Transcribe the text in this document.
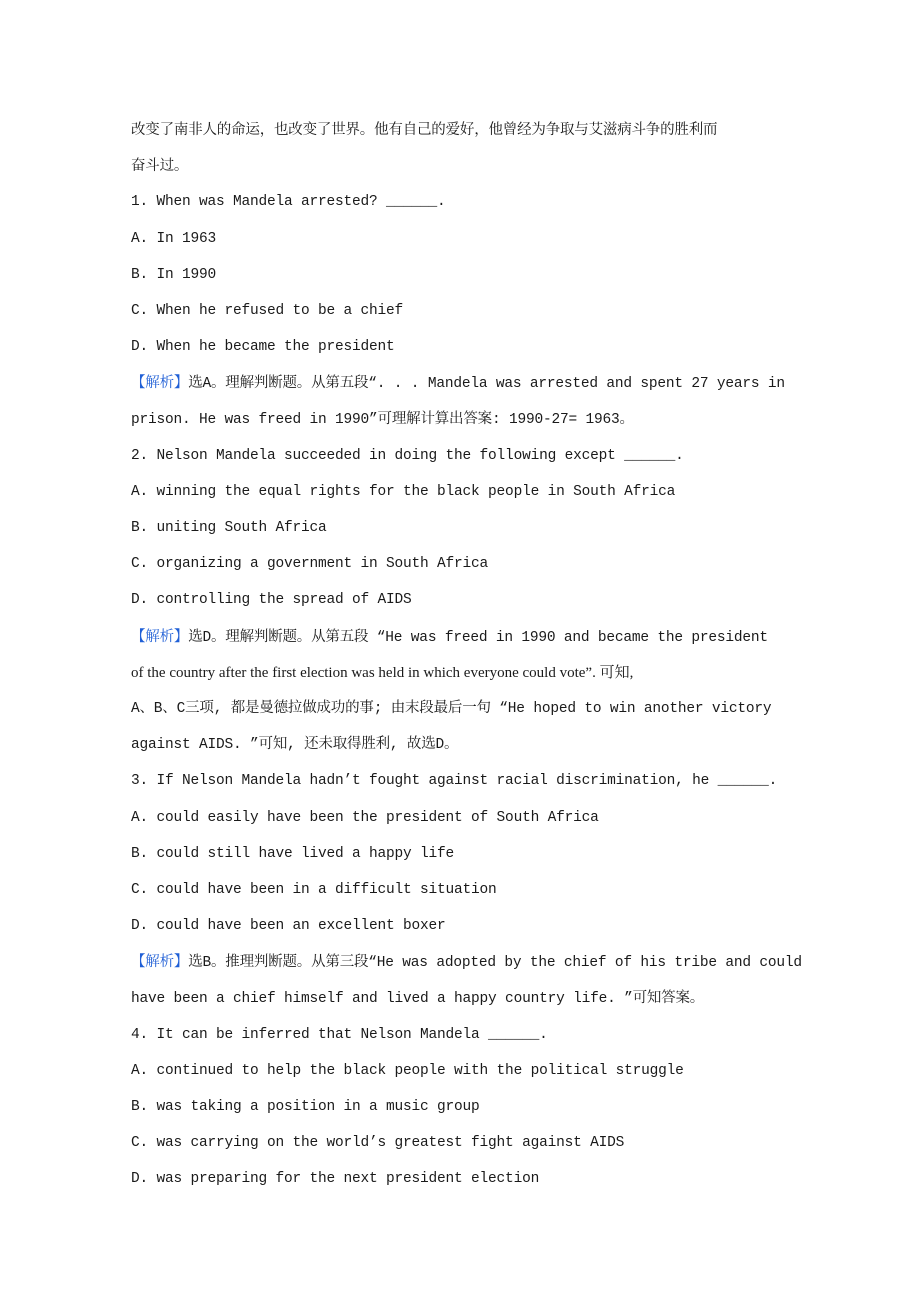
改变了南非人的命运，也改变了世界。他有自己的爱好，他曾经为争取与艾滋病斗争的胜利而
奋斗过。
1. When was Mandela arrested? ______.
A. In 1963
B. In 1990
C. When he refused to be a chief
D. When he became the president
【解析】选A。理解判断题。从第五段“. . . Mandela was arrested and spent 27 years in
prison. He was freed in 1990”可理解计算出答案: 1990-27= 1963。
2. Nelson Mandela succeeded in doing the following except ______.
A. winning the equal rights for the black people in South Africa
B. uniting South Africa
C. organizing a government in South Africa
D. controlling the spread of AIDS
【解析】选D。理解判断题。从第五段 “He was freed in 1990 and became the president
of the country after the first election was held in which everyone could vote”. 可知,
A、B、C三项, 都是曼德拉做成功的事; 由末段最后一句 “He hoped to win another victory
against AIDS. ”可知, 还未取得胜利, 故选D。
3. If Nelson Mandela hadn’t fought against racial discrimination, he ______.
A. could easily have been the president of South Africa
B. could still have lived a happy life
C. could have been in a difficult situation
D. could have been an excellent boxer
【解析】选B。推理判断题。从第三段“He was adopted by the chief of his tribe and could
have been a chief himself and lived a happy country life. ”可知答案。
4. It can be inferred that Nelson Mandela ______.
A. continued to help the black people with the political struggle
B. was taking a position in a music group
C. was carrying on the world’s greatest fight against AIDS
D. was preparing for the next president election
